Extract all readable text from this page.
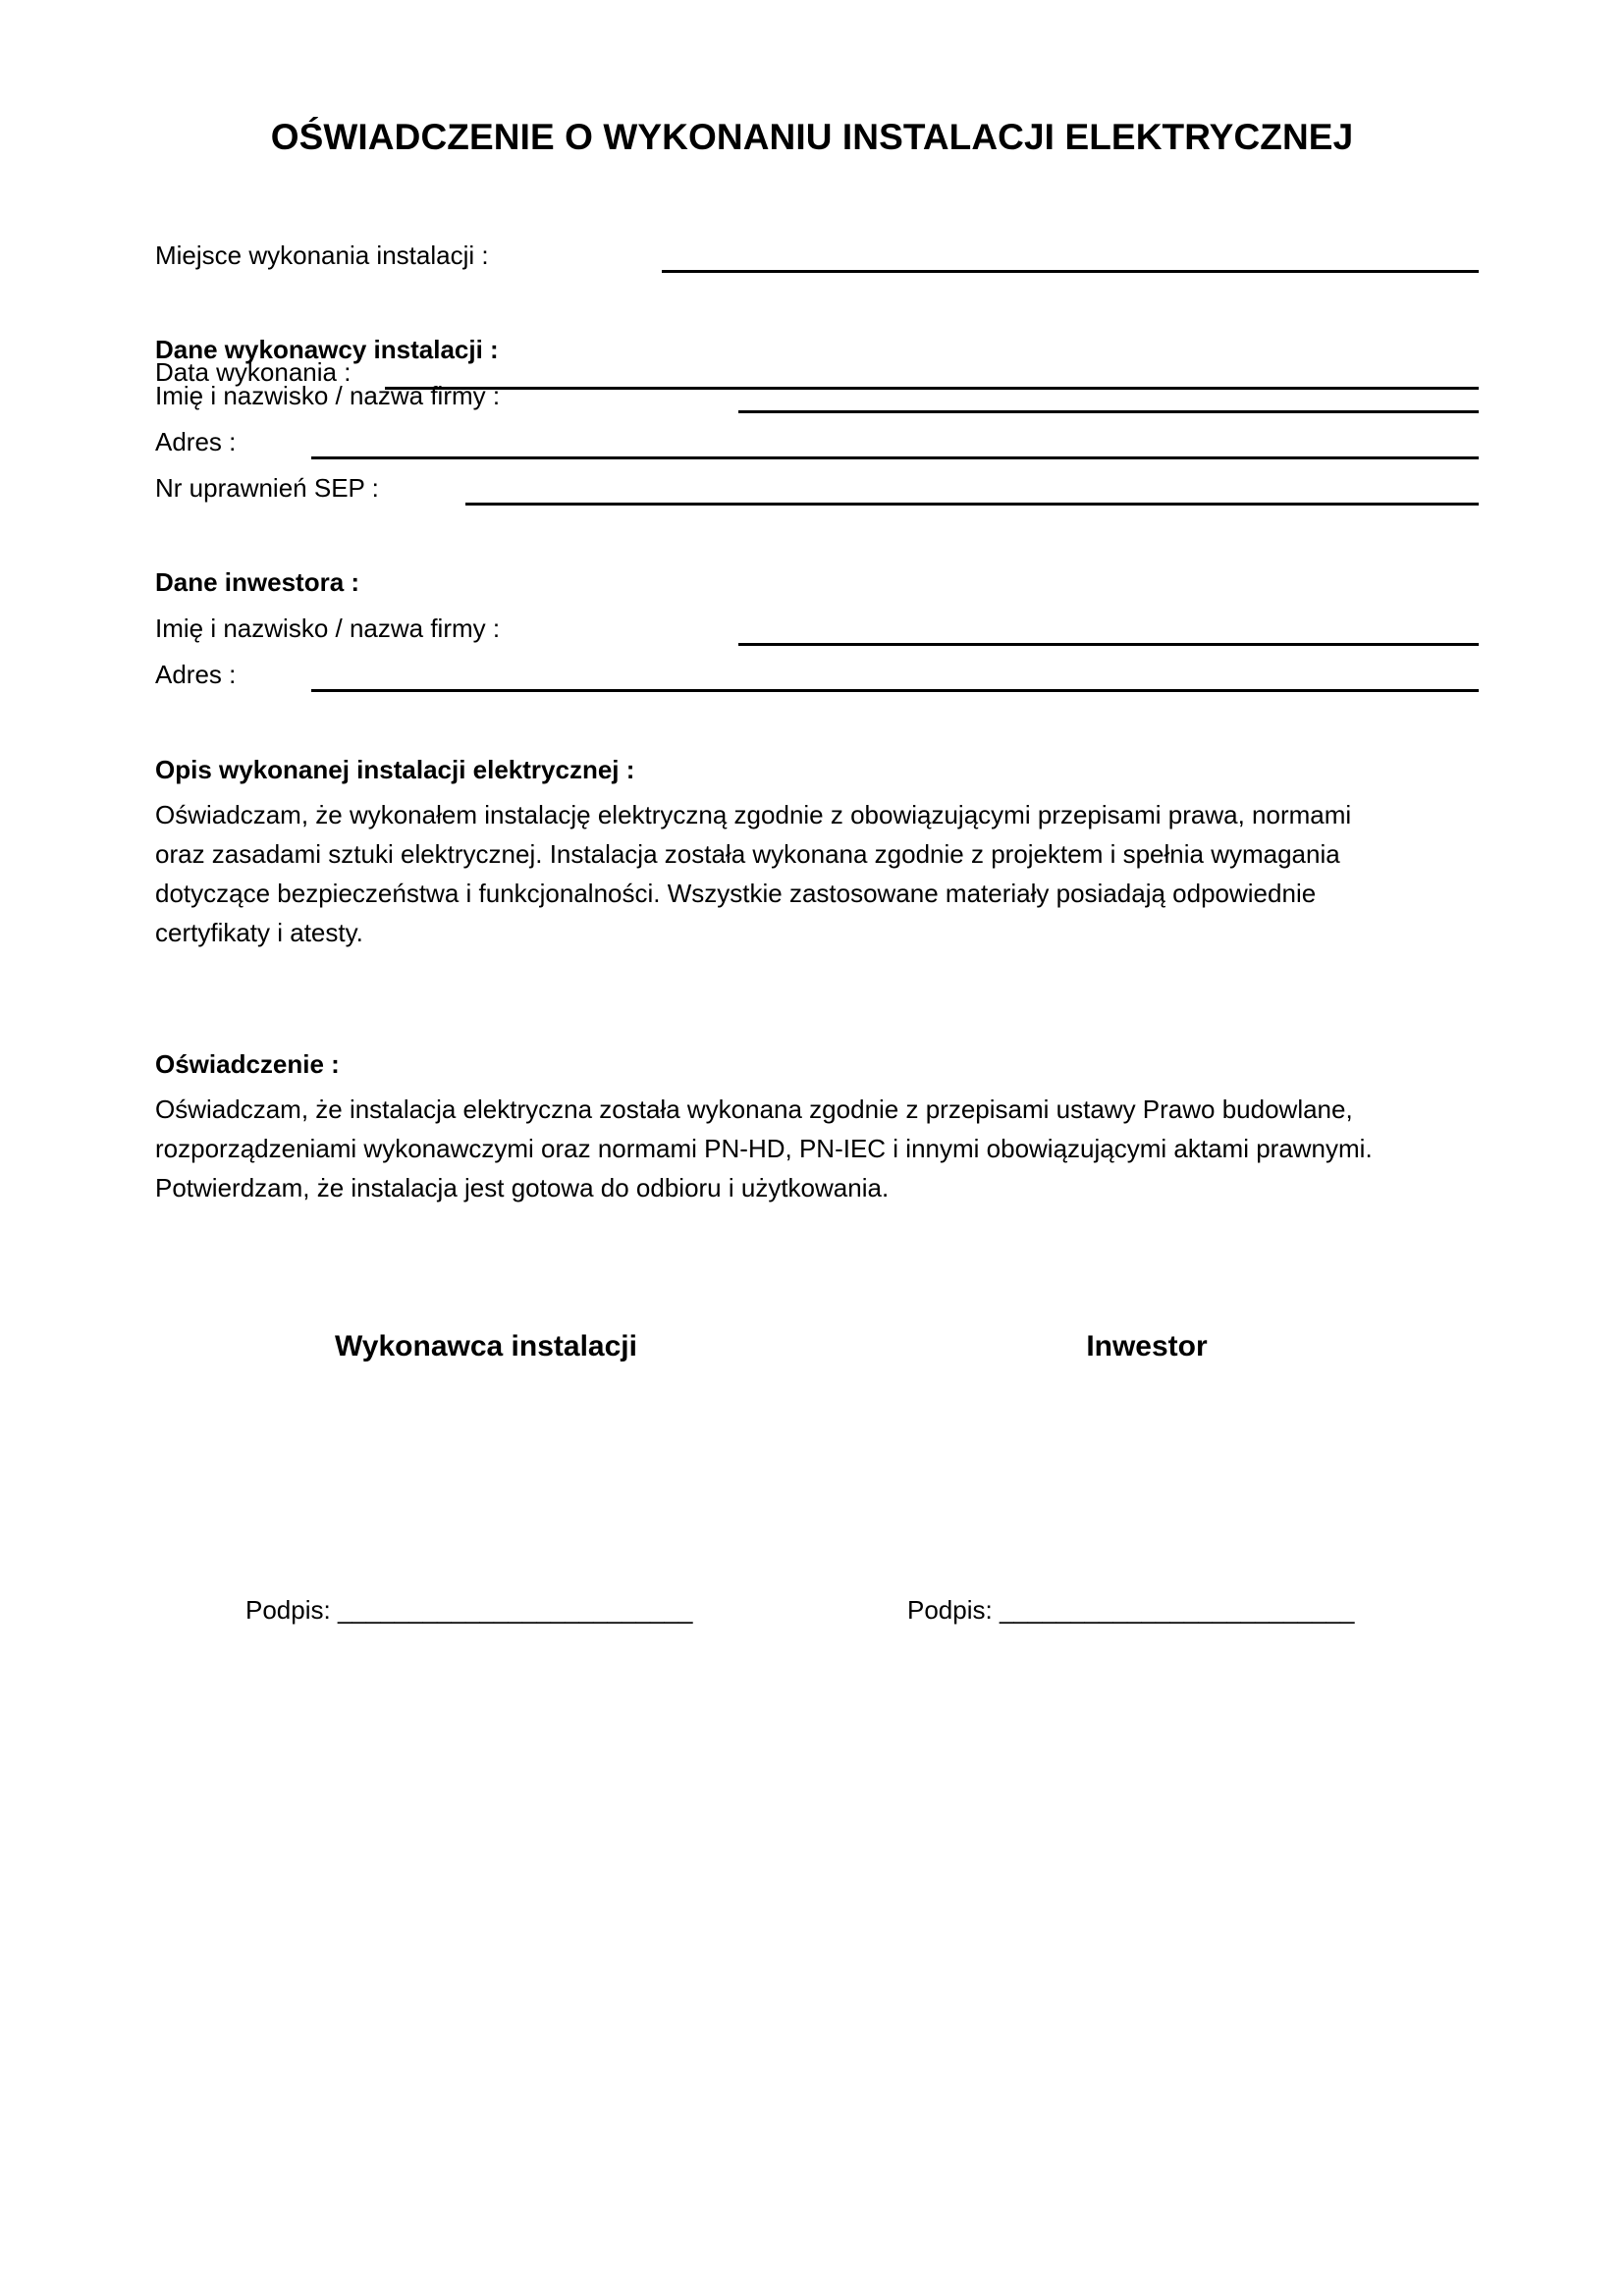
OŚWIADCZENIE O WYKONANIU INSTALACJI ELEKTRYCZNEJ
Miejsce wykonania instalacji :
Dane wykonawcy instalacji :
Data wykonania :
Imię i nazwisko / nazwa firmy :
Adres :
Nr uprawnień SEP :
Dane inwestora :
Imię i nazwisko / nazwa firmy :
Adres :
Opis wykonanej instalacji elektrycznej :
Oświadczam, że wykonałem instalację elektryczną zgodnie z obowiązującymi przepisami prawa, normami
oraz zasadami sztuki elektrycznej. Instalacja została wykonana zgodnie z projektem i spełnia wymagania
dotyczące bezpieczeństwa i funkcjonalności. Wszystkie zastosowane materiały posiadają odpowiednie
certyfikaty i atesty.
Oświadczenie :
Oświadczam, że instalacja elektryczna została wykonana zgodnie z przepisami ustawy Prawo budowlane,
rozporządzeniami wykonawczymi oraz normami PN-HD, PN-IEC i innymi obowiązującymi aktami prawnymi.
Potwierdzam, że instalacja jest gotowa do odbioru i użytkowania.
Wykonawca instalacji	Inwestor
Podpis: _________________________	Podpis: _________________________
